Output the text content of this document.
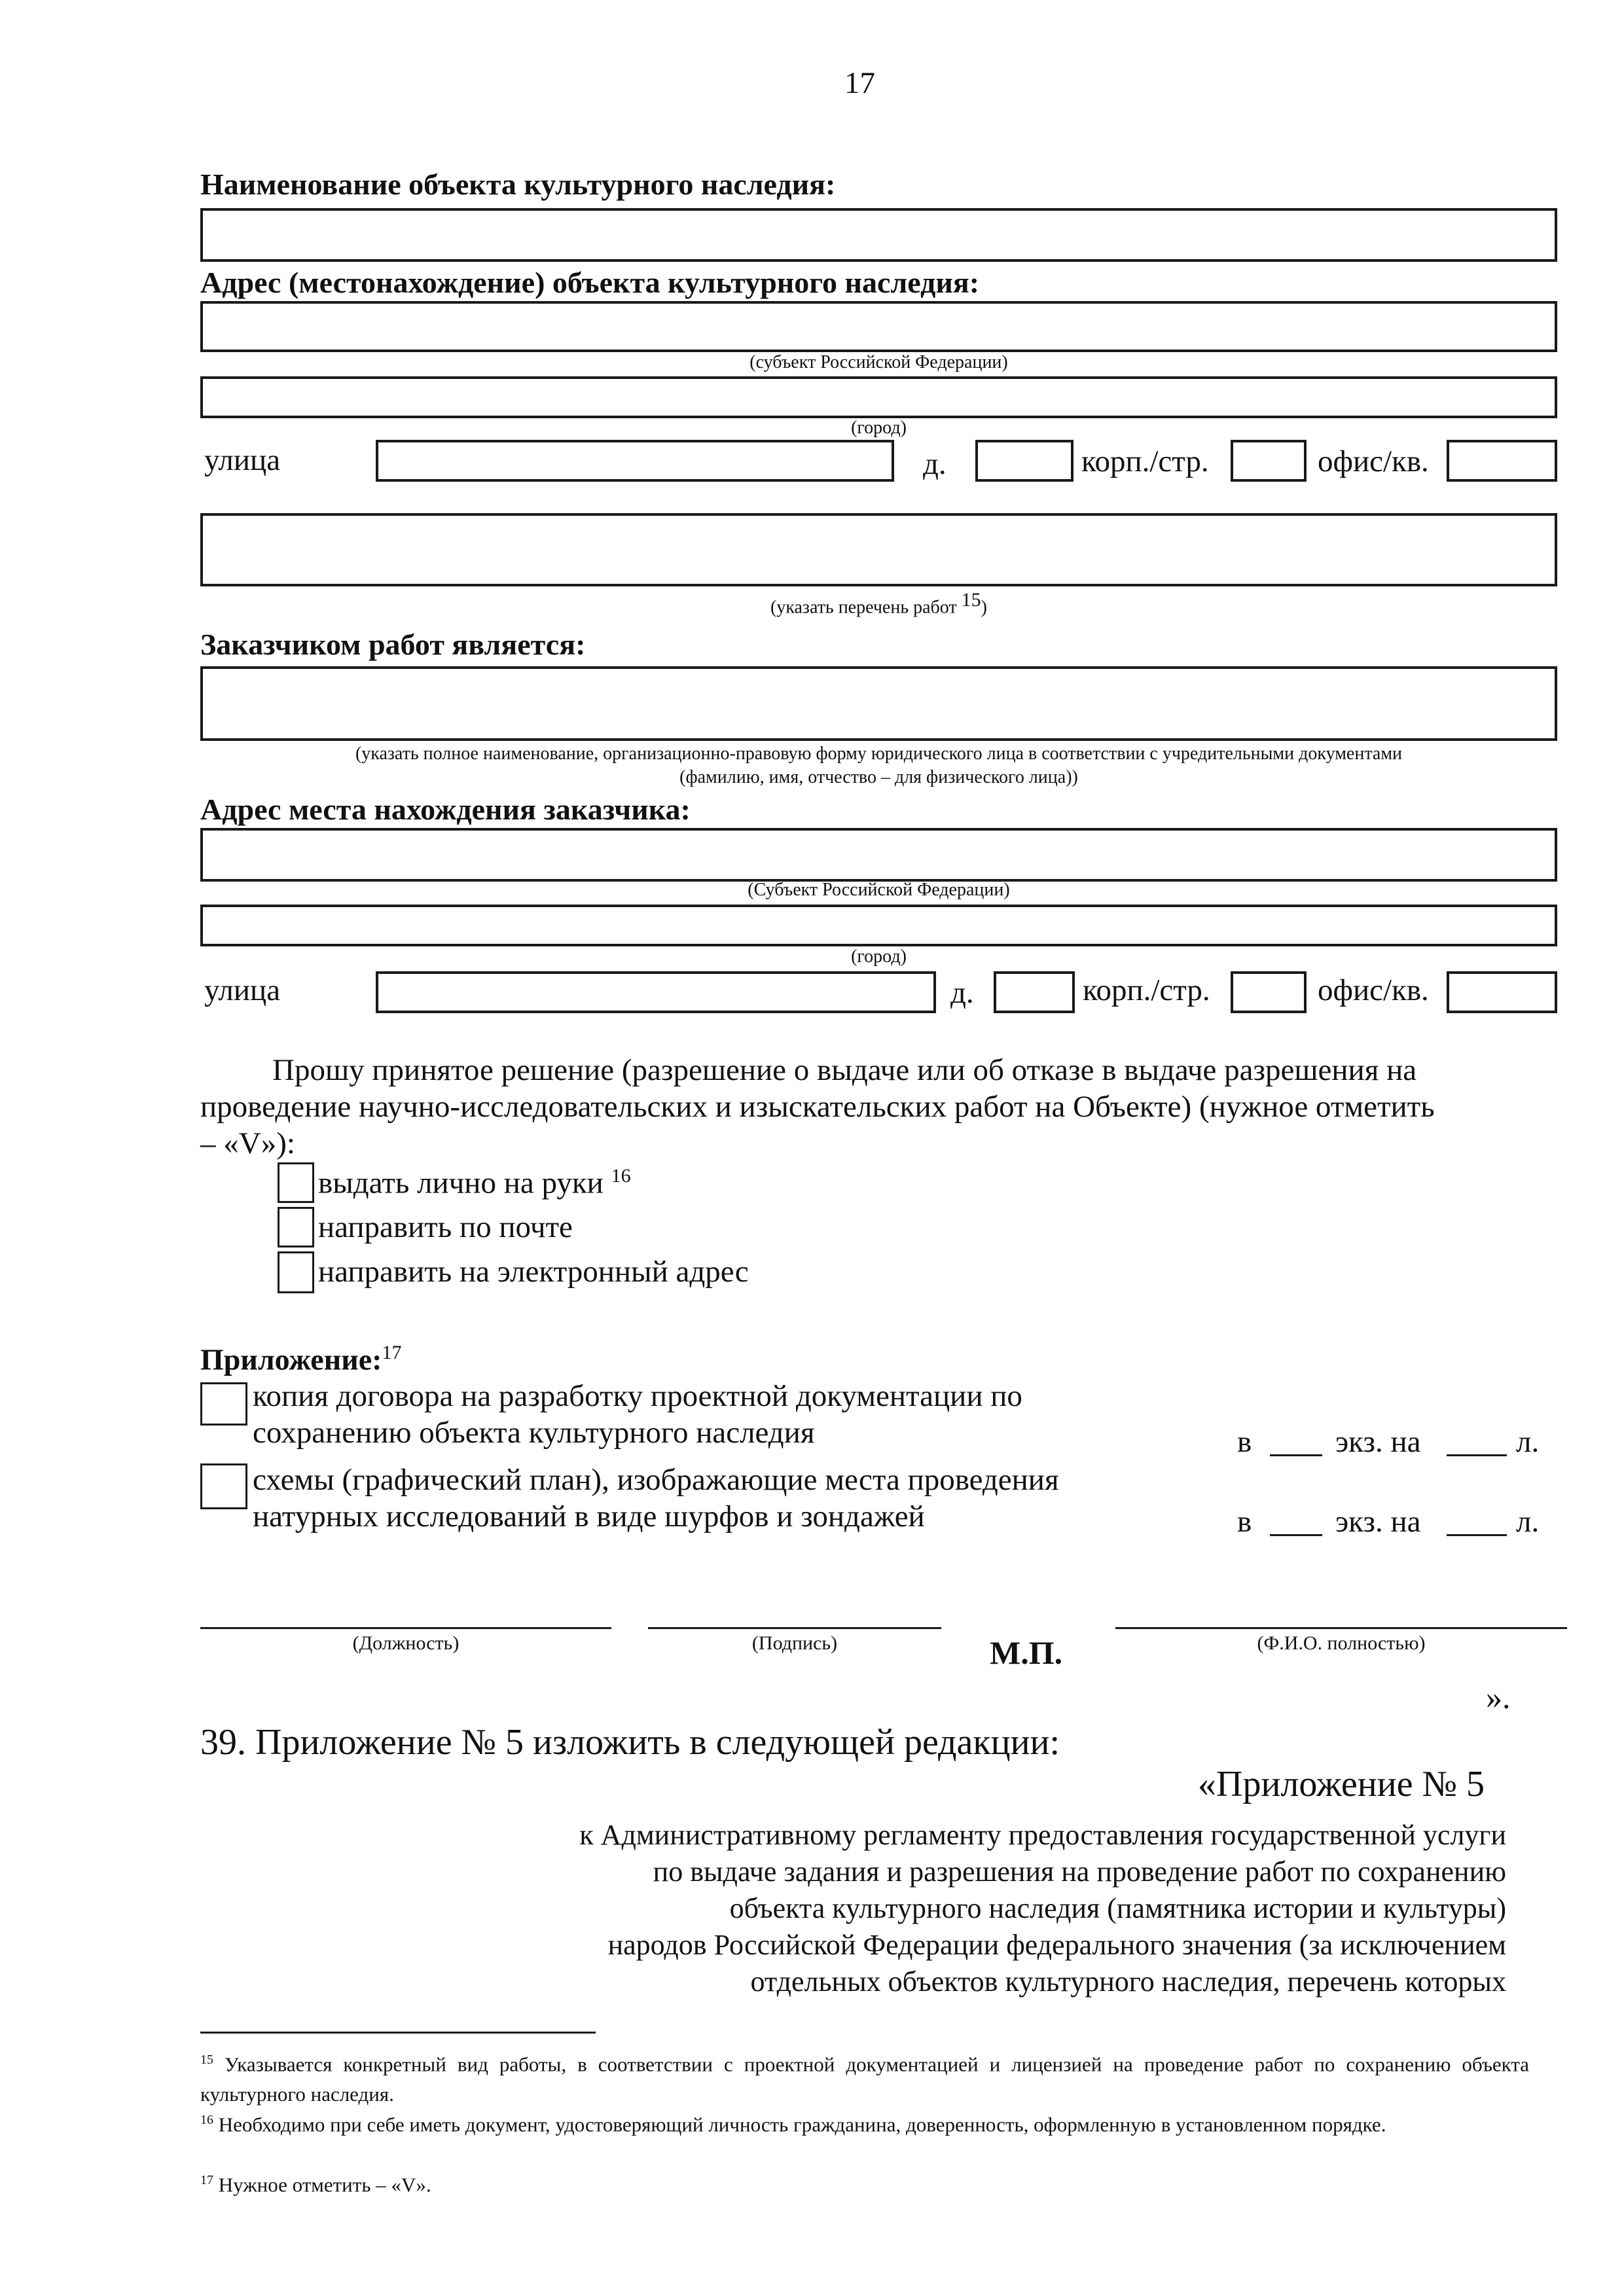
17
Наименование объекта культурного наследия:
Адрес (местонахождение) объекта культурного наследия:
(субъект Российской Федерации)
(город)
улица	д.	корп./стр.	офис/кв.
(указать перечень работ 15)
Заказчиком работ является:
(указать полное наименование, организационно-правовую форму юридического лица в соответствии с учредительными документами
(фамилию, имя, отчество – для физического лица))
Адрес места нахождения заказчика:
(Субъект Российской Федерации)
(город)
улица	д.	корп./стр.	офис/кв.
Прошу принятое решение (разрешение о выдаче или об отказе в выдаче разрешения на
проведение научно-исследовательских и изыскательских работ на Объекте) (нужное отметить
– «V»):
выдать лично на руки $^{16}$
направить по почте
направить на электронный адрес
Приложение:$^{17}$
копия договора на разработку проектной документации по
сохранению объекта культурного наследия	в	экз. на	л.
схемы (графический план), изображающие места проведения
натурных исследований в виде шурфов и зондажей	в	экз. на	л.
(Должность)	(Подпись)	М.П.	(Ф.И.О. полностью)
».
39. Приложение № 5 изложить в следующей редакции:
«Приложение № 5
к Административному регламенту предоставления государственной услуги
по выдаче задания и разрешения на проведение работ по сохранению
объекта культурного наследия (памятника истории и культуры)
народов Российской Федерации федерального значения (за исключением
отдельных объектов культурного наследия, перечень которых
$^{15}$ Указывается конкретный вид работы, в соответствии с проектной документацией и лицензией на проведение работ по сохранению объекта культурного наследия.
$^{16}$ Необходимо при себе иметь документ, удостоверяющий личность гражданина, доверенность, оформленную в установленном порядке.
$^{17}$ Нужное отметить – «V».
